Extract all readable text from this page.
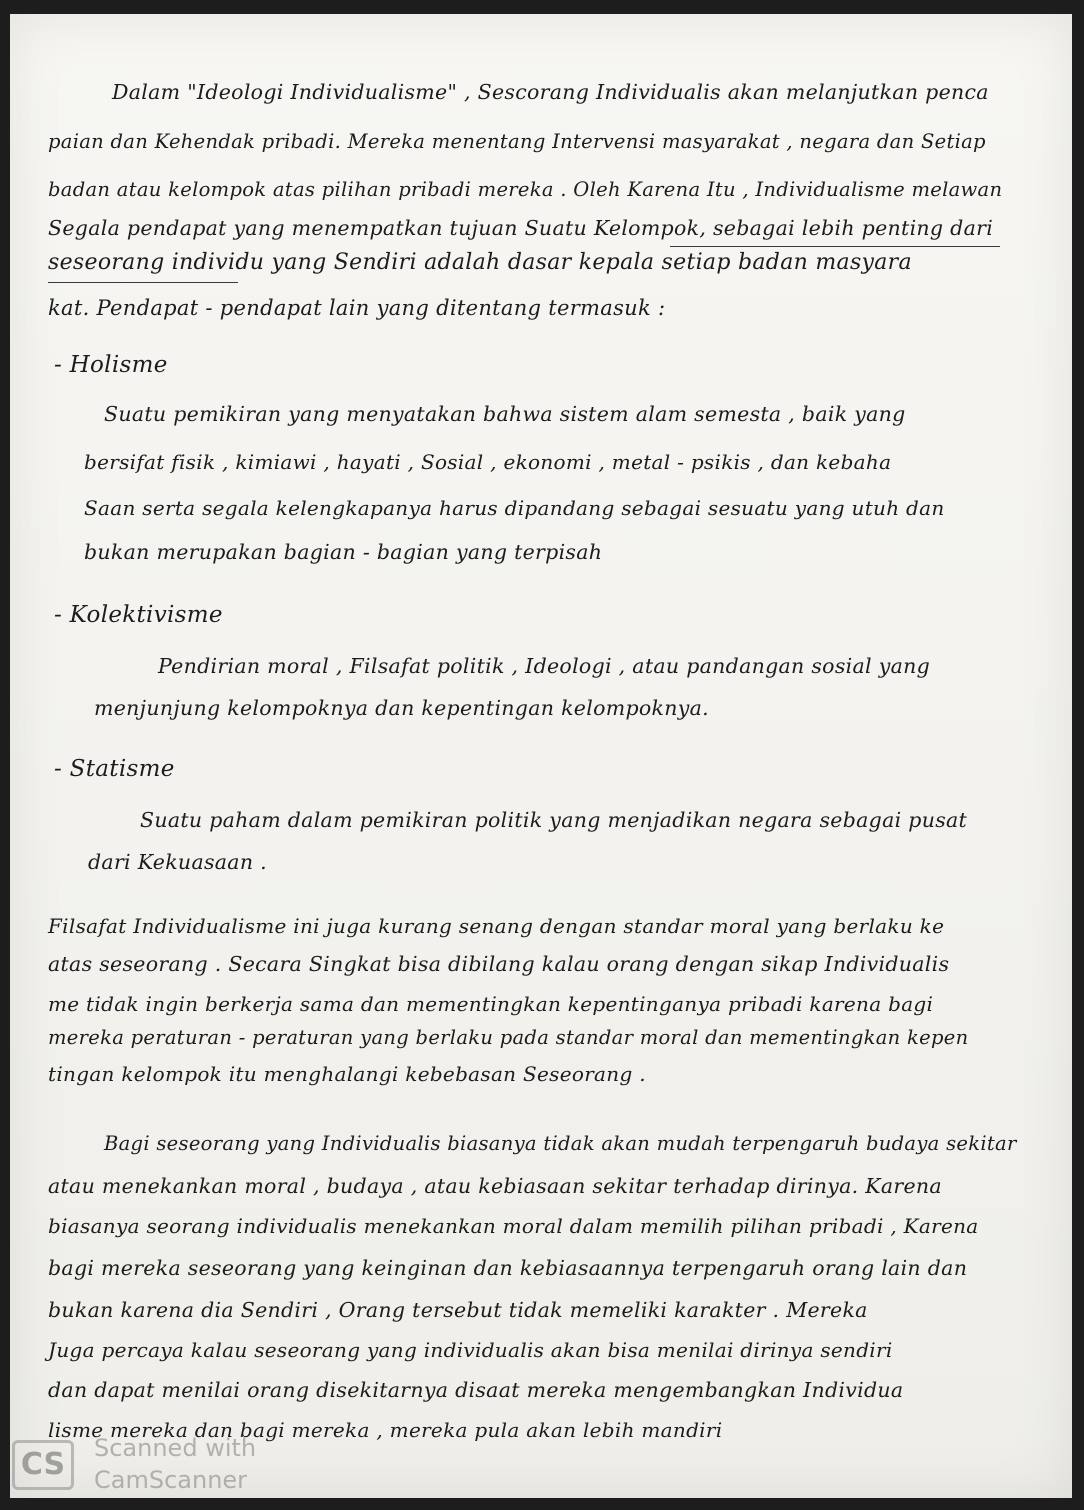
Dalam "Ideologi Individualisme" , Sescorang Individualis akan melanjutkan penca

paian dan Kehendak pribadi. Mereka menentang Intervensi masyarakat , negara dan Setiap

badan atau kelompok atas pilihan pribadi mereka . Oleh Karena Itu , Individualisme melawan

Segala pendapat yang menempatkan tujuan Suatu Kelompok, sebagai lebih penting dari

seseorang individu yang Sendiri adalah dasar kepala setiap badan masyara

kat. Pendapat - pendapat lain yang ditentang termasuk :

- Holisme

Suatu pemikiran yang menyatakan bahwa sistem alam semesta , baik yang

bersifat fisik , kimiawi , hayati , Sosial , ekonomi , metal - psikis , dan kebaha

Saan serta segala kelengkapanya harus dipandang sebagai sesuatu yang utuh dan

bukan merupakan bagian - bagian yang terpisah

- Kolektivisme

Pendirian moral , Filsafat politik , Ideologi , atau pandangan sosial yang

menjunjung kelompoknya dan kepentingan kelompoknya.

- Statisme

Suatu paham dalam pemikiran politik yang menjadikan negara sebagai pusat

dari Kekuasaan .

Filsafat Individualisme ini juga kurang senang dengan standar moral yang berlaku ke

atas seseorang . Secara Singkat bisa dibilang kalau orang dengan sikap Individualis

me tidak ingin berkerja sama dan mementingkan kepentinganya pribadi karena bagi

mereka peraturan - peraturan yang berlaku pada standar moral dan mementingkan kepen

tingan kelompok itu menghalangi kebebasan Seseorang .

Bagi seseorang yang Individualis biasanya tidak akan mudah terpengaruh budaya sekitar

atau menekankan moral , budaya , atau kebiasaan sekitar terhadap dirinya. Karena

biasanya seorang individualis menekankan moral dalam memilih pilihan pribadi , Karena

bagi mereka seseorang yang keinginan dan kebiasaannya terpengaruh orang lain dan

bukan karena dia Sendiri , Orang tersebut tidak memeliki karakter . Mereka

Juga percaya kalau seseorang yang individualis akan bisa menilai dirinya sendiri

dan dapat menilai orang disekitarnya disaat mereka mengembangkan Individua

lisme mereka dan bagi mereka , mereka pula akan lebih mandiri

CS	Scanned with
CamScanner
